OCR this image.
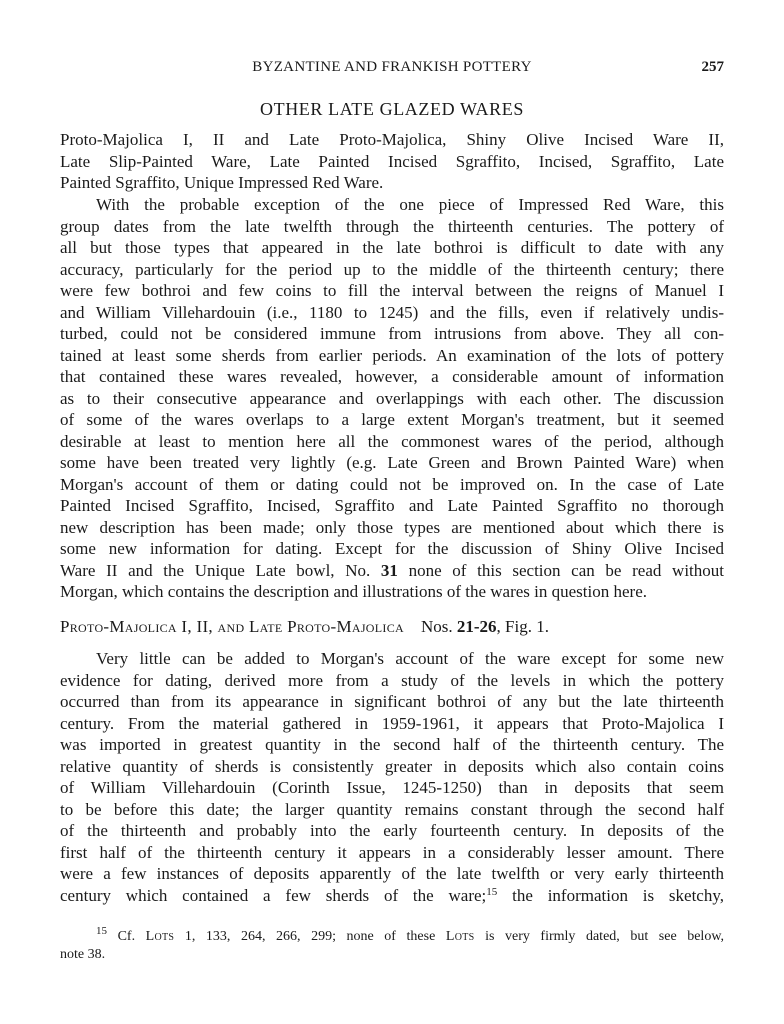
BYZANTINE AND FRANKISH POTTERY	257
OTHER LATE GLAZED WARES

Proto-Majolica I, II and Late Proto-Majolica, Shiny Olive Incised Ware II,
Late Slip-Painted Ware, Late Painted Incised Sgraffito, Incised, Sgraffito, Late
Painted Sgraffito, Unique Impressed Red Ware.

With the probable exception of the one piece of Impressed Red Ware, this
group dates from the late twelfth through the thirteenth centuries. The pottery of
all but those types that appeared in the late bothroi is difficult to date with any
accuracy, particularly for the period up to the middle of the thirteenth century; there
were few bothroi and few coins to fill the interval between the reigns of Manuel I
and William Villehardouin (i.e., 1180 to 1245) and the fills, even if relatively undis-
turbed, could not be considered immune from intrusions from above. They all con-
tained at least some sherds from earlier periods. An examination of the lots of pottery
that contained these wares revealed, however, a considerable amount of information
as to their consecutive appearance and overlappings with each other. The discussion
of some of the wares overlaps to a large extent Morgan's treatment, but it seemed
desirable at least to mention here all the commonest wares of the period, although
some have been treated very lightly (e.g. Late Green and Brown Painted Ware) when
Morgan's account of them or dating could not be improved on. In the case of Late
Painted Incised Sgraffito, Incised, Sgraffito and Late Painted Sgraffito no thorough
new description has been made; only those types are mentioned about which there is
some new information for dating. Except for the discussion of Shiny Olive Incised
Ware II and the Unique Late bowl, No. 31 none of this section can be read without
Morgan, which contains the description and illustrations of the wares in question here.

Proto-Majolica I, II, and Late Proto-Majolica Nos. 21-26, Fig. 1.

Very little can be added to Morgan's account of the ware except for some new
evidence for dating, derived more from a study of the levels in which the pottery
occurred than from its appearance in significant bothroi of any but the late thirteenth
century. From the material gathered in 1959-1961, it appears that Proto-Majolica I
was imported in greatest quantity in the second half of the thirteenth century. The
relative quantity of sherds is consistently greater in deposits which also contain coins
of William Villehardouin (Corinth Issue, 1245-1250) than in deposits that seem
to be before this date; the larger quantity remains constant through the second half
of the thirteenth and probably into the early fourteenth century. In deposits of the
first half of the thirteenth century it appears in a considerably lesser amount. There
were a few instances of deposits apparently of the late twelfth or very early thirteenth
century which contained a few sherds of the ware;$^{15}$ the information is sketchy,

$^{15}$ Cf. Lots 1, 133, 264, 266, 299; none of these Lots is very firmly dated, but see below,
note 38.
